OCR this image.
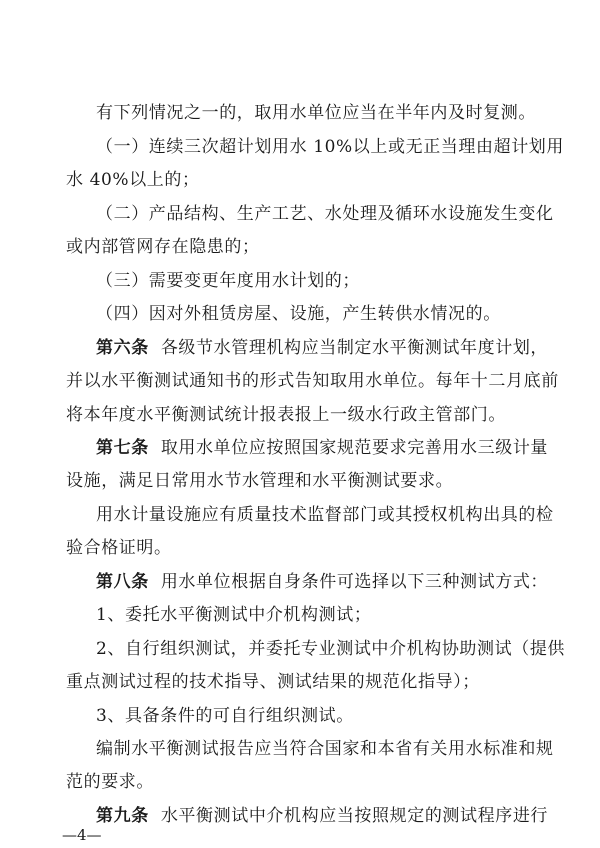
有下列情况之一的，取用水单位应当在半年内及时复测。
（一）连续三次超计划用水 10%以上或无正当理由超计划用
水 40%以上的；
（二）产品结构、生产工艺、水处理及循环水设施发生变化
或内部管网存在隐患的；
（三）需要变更年度用水计划的；
（四）因对外租赁房屋、设施，产生转供水情况的。
第六条 各级节水管理机构应当制定水平衡测试年度计划，
并以水平衡测试通知书的形式告知取用水单位。每年十二月底前
将本年度水平衡测试统计报表报上一级水行政主管部门。
第七条 取用水单位应按照国家规范要求完善用水三级计量
设施，满足日常用水节水管理和水平衡测试要求。
用水计量设施应有质量技术监督部门或其授权机构出具的检
验合格证明。
第八条 用水单位根据自身条件可选择以下三种测试方式：
1、委托水平衡测试中介机构测试；
2、自行组织测试，并委托专业测试中介机构协助测试（提供
重点测试过程的技术指导、测试结果的规范化指导）；
3、具备条件的可自行组织测试。
编制水平衡测试报告应当符合国家和本省有关用水标准和规
范的要求。
第九条 水平衡测试中介机构应当按照规定的测试程序进行
—4—
